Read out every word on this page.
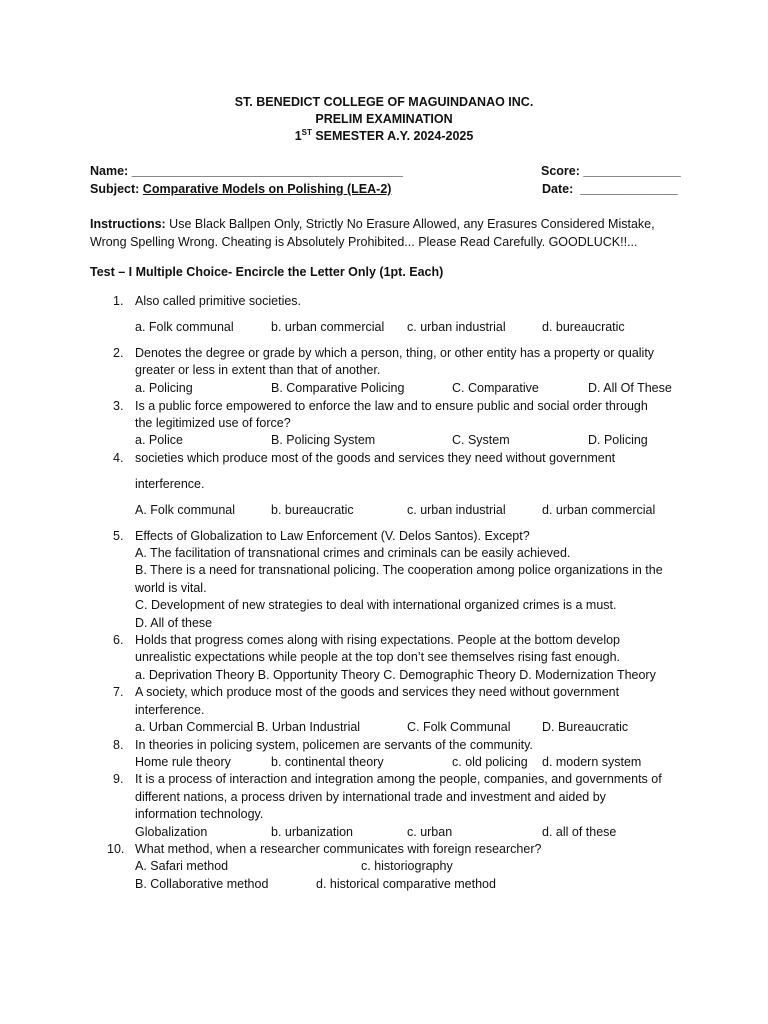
ST. BENEDICT COLLEGE OF MAGUINDANAO INC.
PRELIM EXAMINATION
1ST SEMESTER A.Y. 2024-2025
Name: _______________________________________	Score: ______________
Subject: Comparative Models on Polishing (LEA-2)	Date: ______________
Instructions: Use Black Ballpen Only, Strictly No Erasure Allowed, any Erasures Considered Mistake,
Wrong Spelling Wrong. Cheating is Absolutely Prohibited... Please Read Carefully. GOODLUCK!!...
Test – I Multiple Choice- Encircle the Letter Only (1pt. Each)
1. Also called primitive societies.
a. Folk communal	b. urban commercial c. urban industrial	d. bureaucratic
2. Denotes the degree or grade by which a person, thing, or other entity has a property or quality
greater or less in extent than that of another.
a. Policing	B. Comparative Policing	C. Comparative	D. All Of These
3. Is a public force empowered to enforce the law and to ensure public and social order through
the legitimized use of force?
a. Police	B. Policing System	C. System	D. Policing
4. societies which produce most of the goods and services they need without government
interference.
A. Folk communal	b. bureaucratic	c. urban industrial	d. urban commercial
5. Effects of Globalization to Law Enforcement (V. Delos Santos). Except?
A. The facilitation of transnational crimes and criminals can be easily achieved.
B. There is a need for transnational policing. The cooperation among police organizations in the
world is vital.
C. Development of new strategies to deal with international organized crimes is a must.
D. All of these
6. Holds that progress comes along with rising expectations. People at the bottom develop
unrealistic expectations while people at the top don’t see themselves rising fast enough.
a. Deprivation Theory B. Opportunity Theory C. Demographic Theory D. Modernization Theory
7. A society, which produce most of the goods and services they need without government
interference.
a. Urban Commercial B. Urban Industrial	C. Folk Communal	D. Bureaucratic
8. In theories in policing system, policemen are servants of the community.
Home rule theory	b. continental theory	c. old policing d. modern system
9. It is a process of interaction and integration among the people, companies, and governments of
different nations, a process driven by international trade and investment and aided by
information technology.
Globalization	b. urbanization	c. urban	d. all of these
10. What method, when a researcher communicates with foreign researcher?
A. Safari method	c. historiography
B. Collaborative method	d. historical comparative method
